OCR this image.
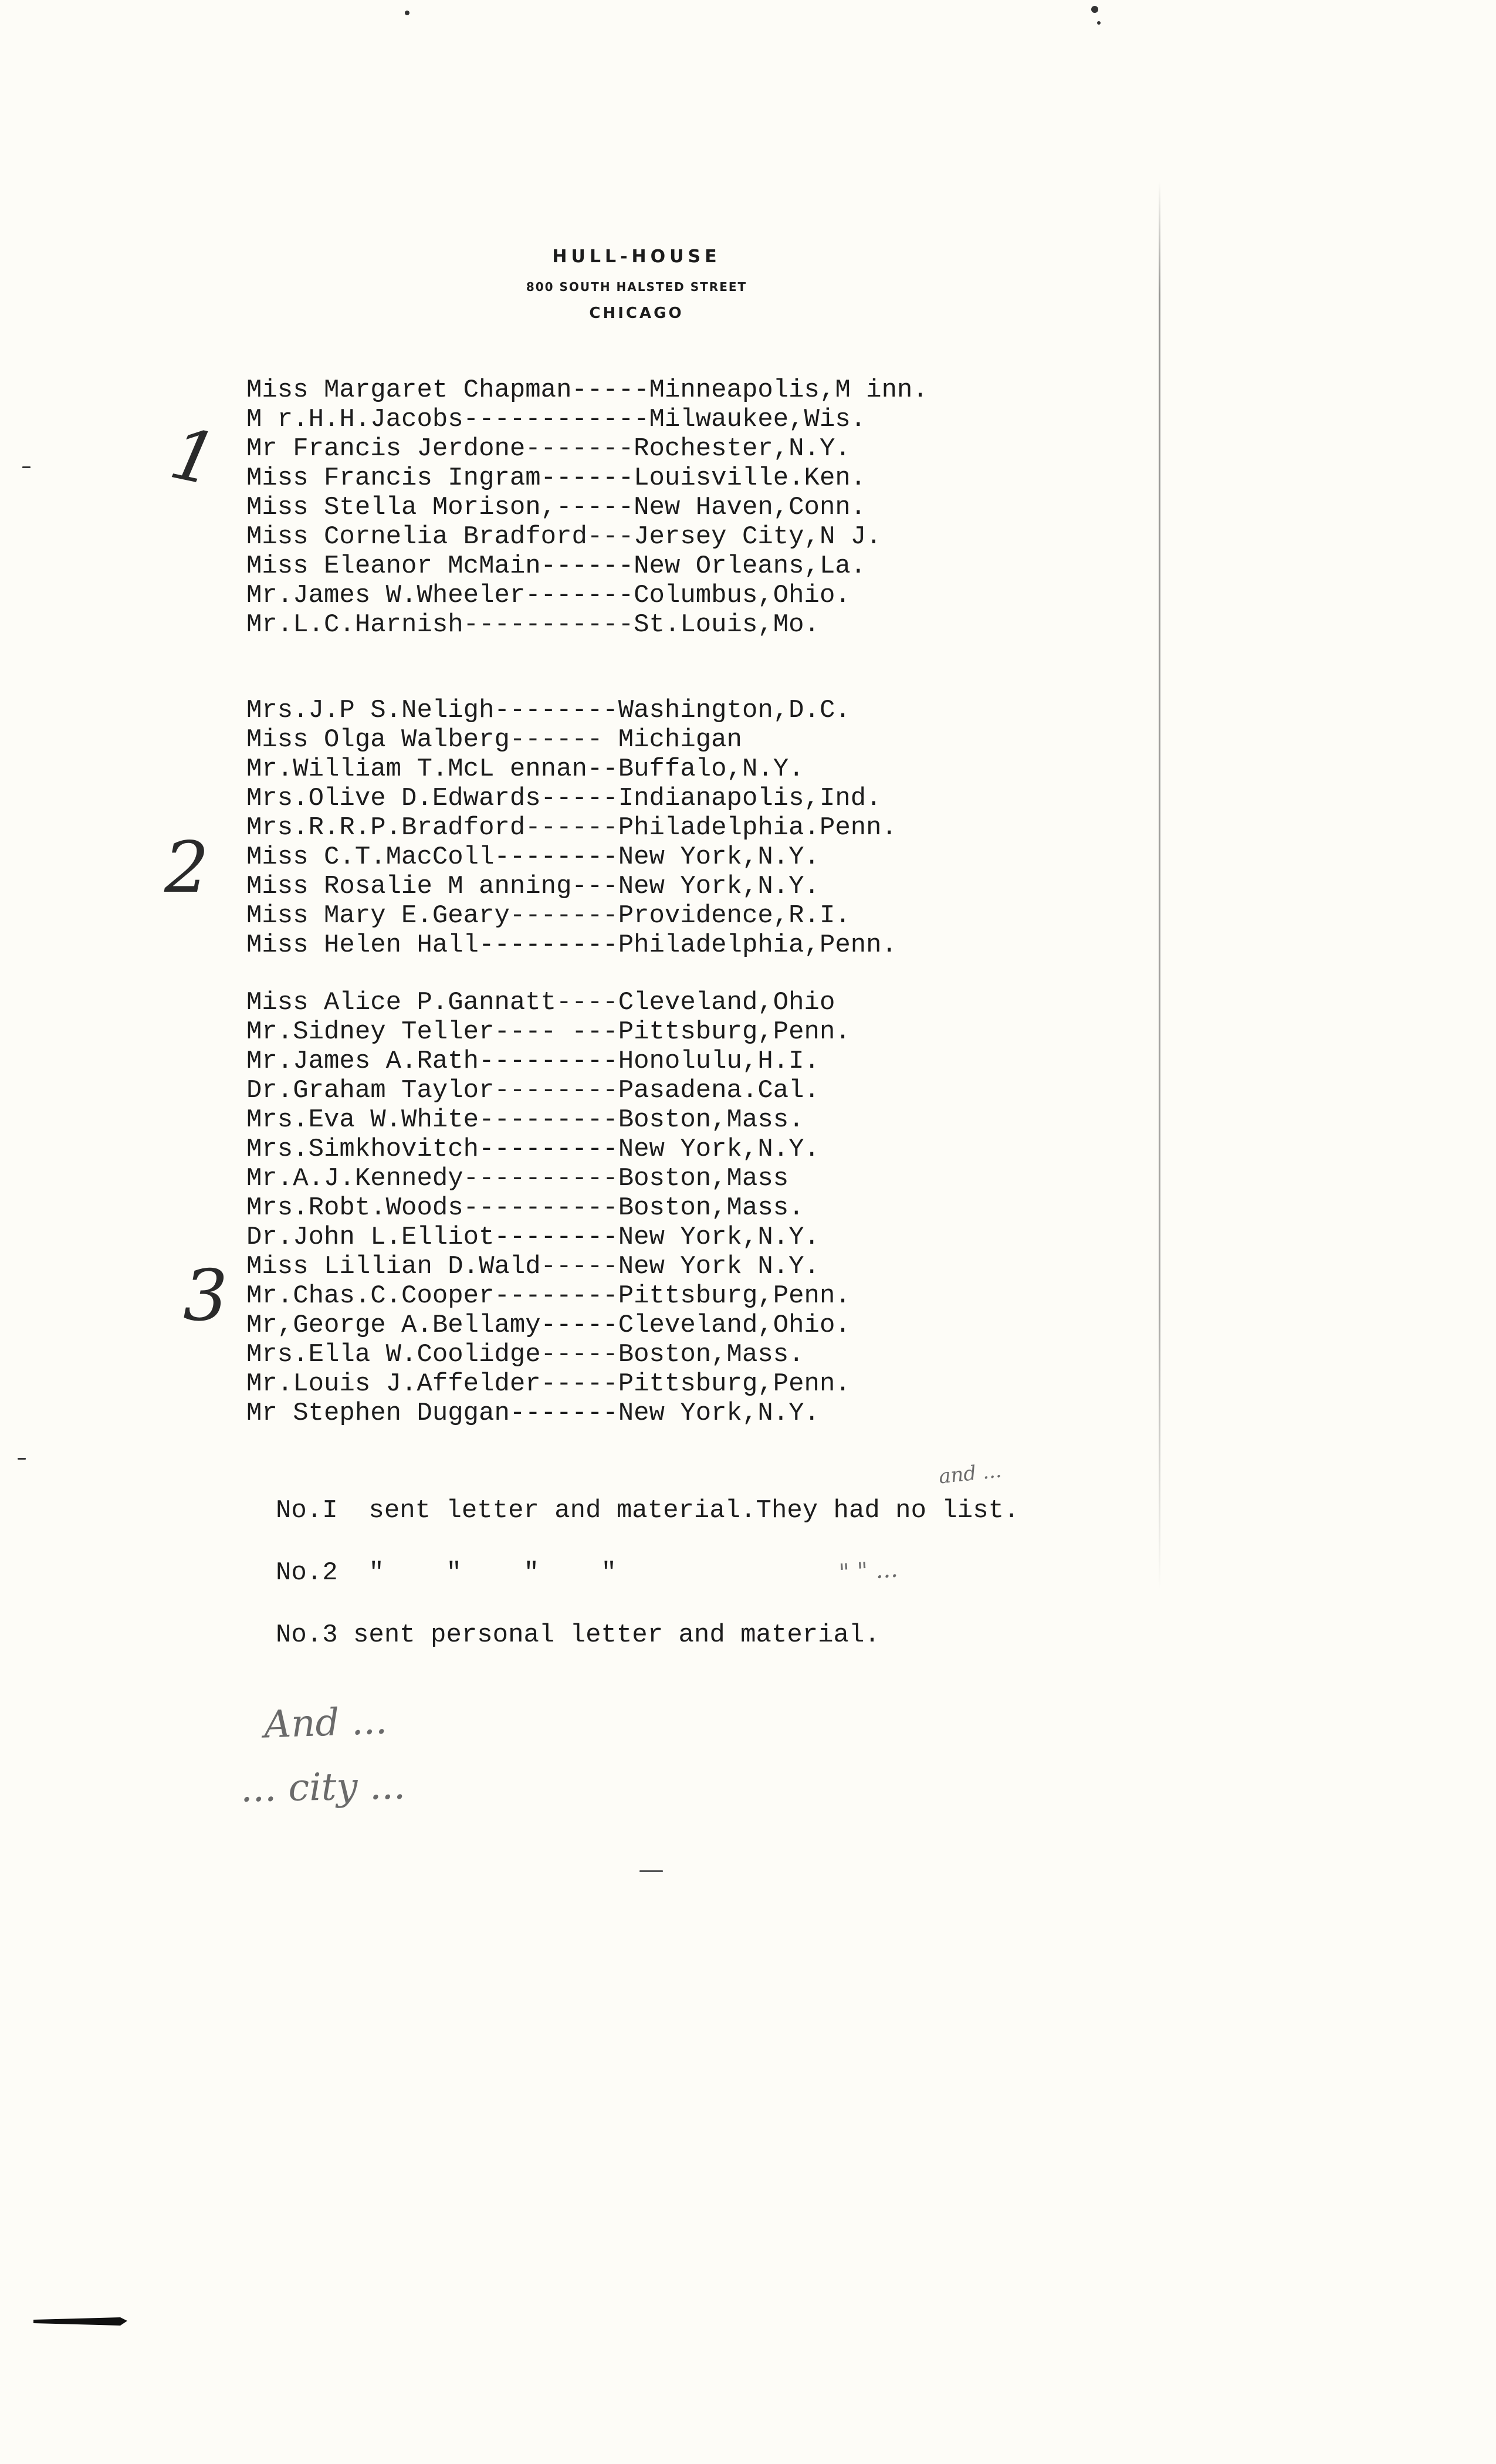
HULL-HOUSE
800 SOUTH HALSTED STREET
CHICAGO
1
2
3
Miss Margaret Chapman-----Minneapolis,M inn.
M r.H.H.Jacobs------------Milwaukee,Wis.
Mr Francis Jerdone-------Rochester,N.Y.
Miss Francis Ingram------Louisville.Ken.
Miss Stella Morison,-----New Haven,Conn.
Miss Cornelia Bradford---Jersey City,N J.
Miss Eleanor McMain------New Orleans,La.
Mr.James W.Wheeler-------Columbus,Ohio.
Mr.L.C.Harnish-----------St.Louis,Mo.
Mrs.J.P S.Neligh--------Washington,D.C.
Miss Olga Walberg------ Michigan
Mr.William T.McL ennan--Buffalo,N.Y.
Mrs.Olive D.Edwards-----Indianapolis,Ind.
Mrs.R.R.P.Bradford------Philadelphia.Penn.
Miss C.T.MacColl--------New York,N.Y.
Miss Rosalie M anning---New York,N.Y.
Miss Mary E.Geary-------Providence,R.I.
Miss Helen Hall---------Philadelphia,Penn.
Miss Alice P.Gannatt----Cleveland,Ohio
Mr.Sidney Teller---- ---Pittsburg,Penn.
Mr.James A.Rath---------Honolulu,H.I.
Dr.Graham Taylor--------Pasadena.Cal.
Mrs.Eva W.White---------Boston,Mass.
Mrs.Simkhovitch---------New York,N.Y.
Mr.A.J.Kennedy----------Boston,Mass
Mrs.Robt.Woods----------Boston,Mass.
Dr.John L.Elliot--------New York,N.Y.
Miss Lillian D.Wald-----New York N.Y.
Mr.Chas.C.Cooper--------Pittsburg,Penn.
Mr,George A.Bellamy-----Cleveland,Ohio.
Mrs.Ella W.Coolidge-----Boston,Mass.
Mr.Louis J.Affelder-----Pittsburg,Penn.
Mr Stephen Duggan-------New York,N.Y.
No.I  sent letter and material.They had no list.
No.2  "    "    "    "
No.3 sent personal letter and material.
and ...
" " ...
And ...
... city ...
